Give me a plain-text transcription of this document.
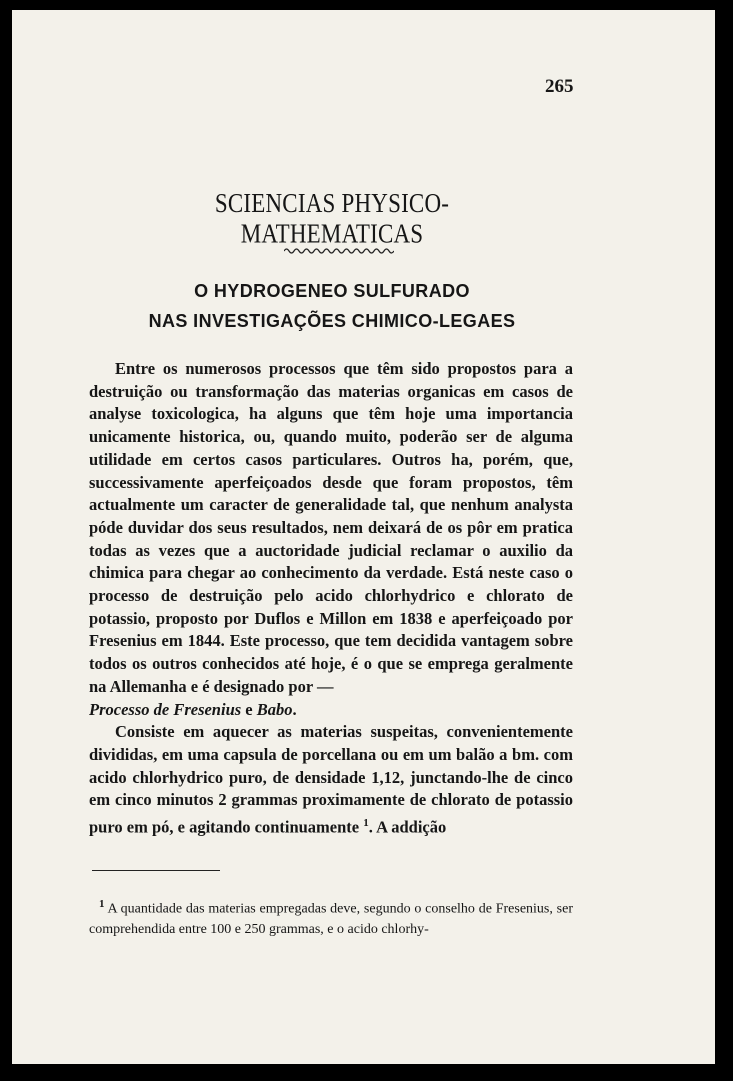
265
SCIENCIAS PHYSICO-MATHEMATICAS
O HYDROGENEO SULFURADO
NAS INVESTIGAÇÕES CHIMICO-LEGAES

Entre os numerosos processos que têm sido propostos para a destruição ou transformação das materias organicas em casos de analyse toxicologica, ha alguns que têm hoje uma importancia unicamente historica, ou, quando muito, poderão ser de alguma utilidade em certos casos particulares. Outros ha, porém, que, successivamente aperfeiçoados desde que foram propostos, têm actualmente um caracter de generalidade tal, que nenhum analysta póde duvidar dos seus resultados, nem deixará de os pôr em pratica todas as vezes que a auctoridade judicial reclamar o auxilio da chimica para chegar ao conhecimento da verdade. Está neste caso o processo de destruição pelo acido chlorhydrico e chlorato de potassio, proposto por Duflos e Millon em 1838 e aperfeiçoado por Fresenius em 1844. Este processo, que tem decidida vantagem sobre todos os outros conhecidos até hoje, é o que se emprega geralmente na Allemanha e é designado por —
Processo de Fresenius e Babo.

Consiste em aquecer as materias suspeitas, convenientemente divididas, em uma capsula de porcellana ou em um balão a bm. com acido chlorhydrico puro, de densidade 1,12, junctando-lhe de cinco em cinco minutos 2 grammas proximamente de chlorato de potassio puro em pó, e agitando continuamente $^1$. A addição

$^1$ A quantidade das materias empregadas deve, segundo o conselho de Fresenius, ser comprehendida entre 100 e 250 grammas, e o acido chlorhy-
